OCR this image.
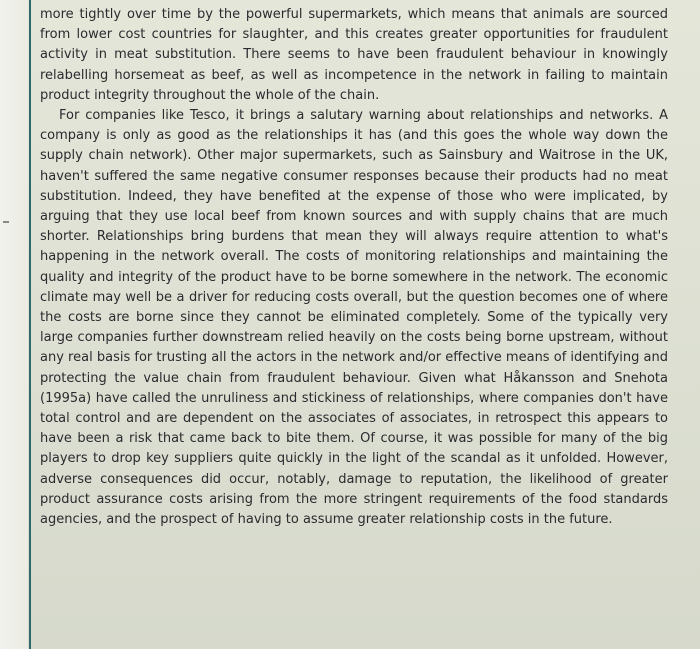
more tightly over time by the powerful supermarkets, which means that animals are sourced from lower cost countries for slaughter, and this creates greater opportunities for fraudulent activity in meat substitution. There seems to have been fraudulent behaviour in knowingly relabelling horsemeat as beef, as well as incompetence in the network in failing to maintain product integrity throughout the whole of the chain.

For companies like Tesco, it brings a salutary warning about relationships and networks. A company is only as good as the relationships it has (and this goes the whole way down the supply chain network). Other major supermarkets, such as Sainsbury and Waitrose in the UK, haven't suffered the same negative consumer responses because their products had no meat substitution. Indeed, they have benefited at the expense of those who were implicated, by arguing that they use local beef from known sources and with supply chains that are much shorter. Relationships bring burdens that mean they will always require attention to what's happening in the network overall. The costs of monitoring relationships and maintaining the quality and integrity of the product have to be borne somewhere in the network. The economic climate may well be a driver for reducing costs overall, but the question becomes one of where the costs are borne since they cannot be eliminated completely. Some of the typically very large companies further downstream relied heavily on the costs being borne upstream, without any real basis for trusting all the actors in the network and/or effective means of identifying and protecting the value chain from fraudulent behaviour. Given what Håkansson and Snehota (1995a) have called the unruliness and stickiness of relationships, where companies don't have total control and are dependent on the associates of associates, in retrospect this appears to have been a risk that came back to bite them. Of course, it was possible for many of the big players to drop key suppliers quite quickly in the light of the scandal as it unfolded. However, adverse consequences did occur, notably, damage to reputation, the likelihood of greater product assurance costs arising from the more stringent requirements of the food standards agencies, and the prospect of having to assume greater relationship costs in the future.
